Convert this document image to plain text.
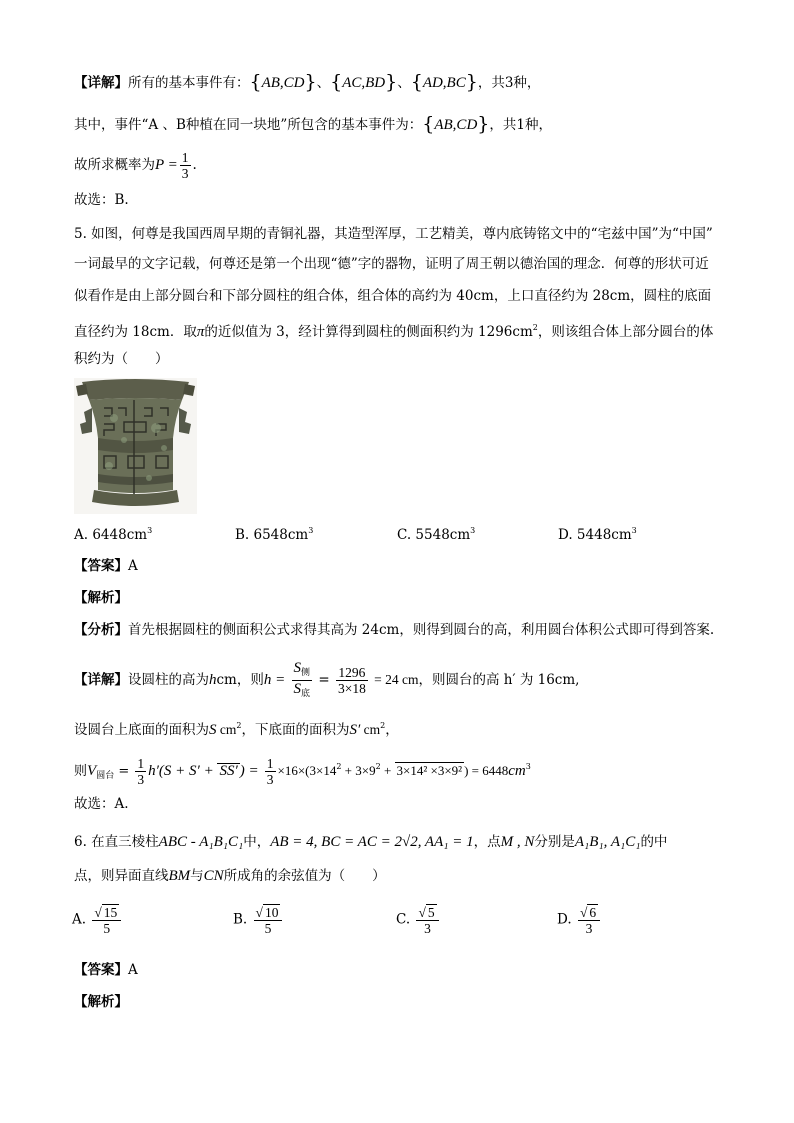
【详解】所有的基本事件有：{AB,CD}、{AC,BD}、{AD,BC}，共3种，
其中，事件“A 、B种植在同一块地”所包含的基本事件为：{AB,CD}，共1种，
故所求概率为$P = \frac{1}{3}$ .
故选：B.
5. 如图，何尊是我国西周早期的青铜礼器，其造型浑厚，工艺精美，尊内底铸铭文中的“宅兹中国”为“中国”
一词最早的文字记载，何尊还是第一个出现“德”字的器物，证明了周王朝以德治国的理念．何尊的形状可近
似看作是由上部分圆台和下部分圆柱的组合体，组合体的高约为 40cm，上口直径约为 28cm，圆柱的底面
直径约为 18cm．取π的近似值为 3，经计算得到圆柱的侧面积约为 $1296cm^2$，则该组合体上部分圆台的体
积约为（　　）
A. $6448cm^3$	B. $6548cm^3$	C. $5548cm^3$	D. $5448cm^3$
【答案】A
【解析】
【分析】首先根据圆柱的侧面积公式求得其高为 24cm，则得到圆台的高，利用圆台体积公式即可得到答案.
【详解】设圆柱的高为hcm，则$h = \frac{S_侧}{S_底} = \frac{1296}{3\times 18} = 24$ cm，则圆台的高 h′ 为 16cm,
设圆台上底面的面积为S $cm^2$，下底面的面积为S′ $cm^2$，
则$V_{圆台} = \frac{1}{3} h'(S + S' + SS'$ ) = $\frac{1}{3} \times 16\times(3\times 14^2 + 3\times 9^2 + 3\times 14^2 \times 3\times 9^2$ ) = $6448cm^3$
故选：A.
6. 在直三棱柱ABC - A₁B₁C₁中，AB = 4, BC = AC = 2√2, AA₁ = 1，点M , N分别是A₁B₁, A₁C₁的中
点，则异面直线BM与CN所成角的余弦值为（　　）
A. $\frac{√ 15}{5}$	B. $\frac{√ 10}{5}$	C. $\frac{√ 5}{3}$	D. $\frac{√ 6}{3}$
【答案】A
【解析】
